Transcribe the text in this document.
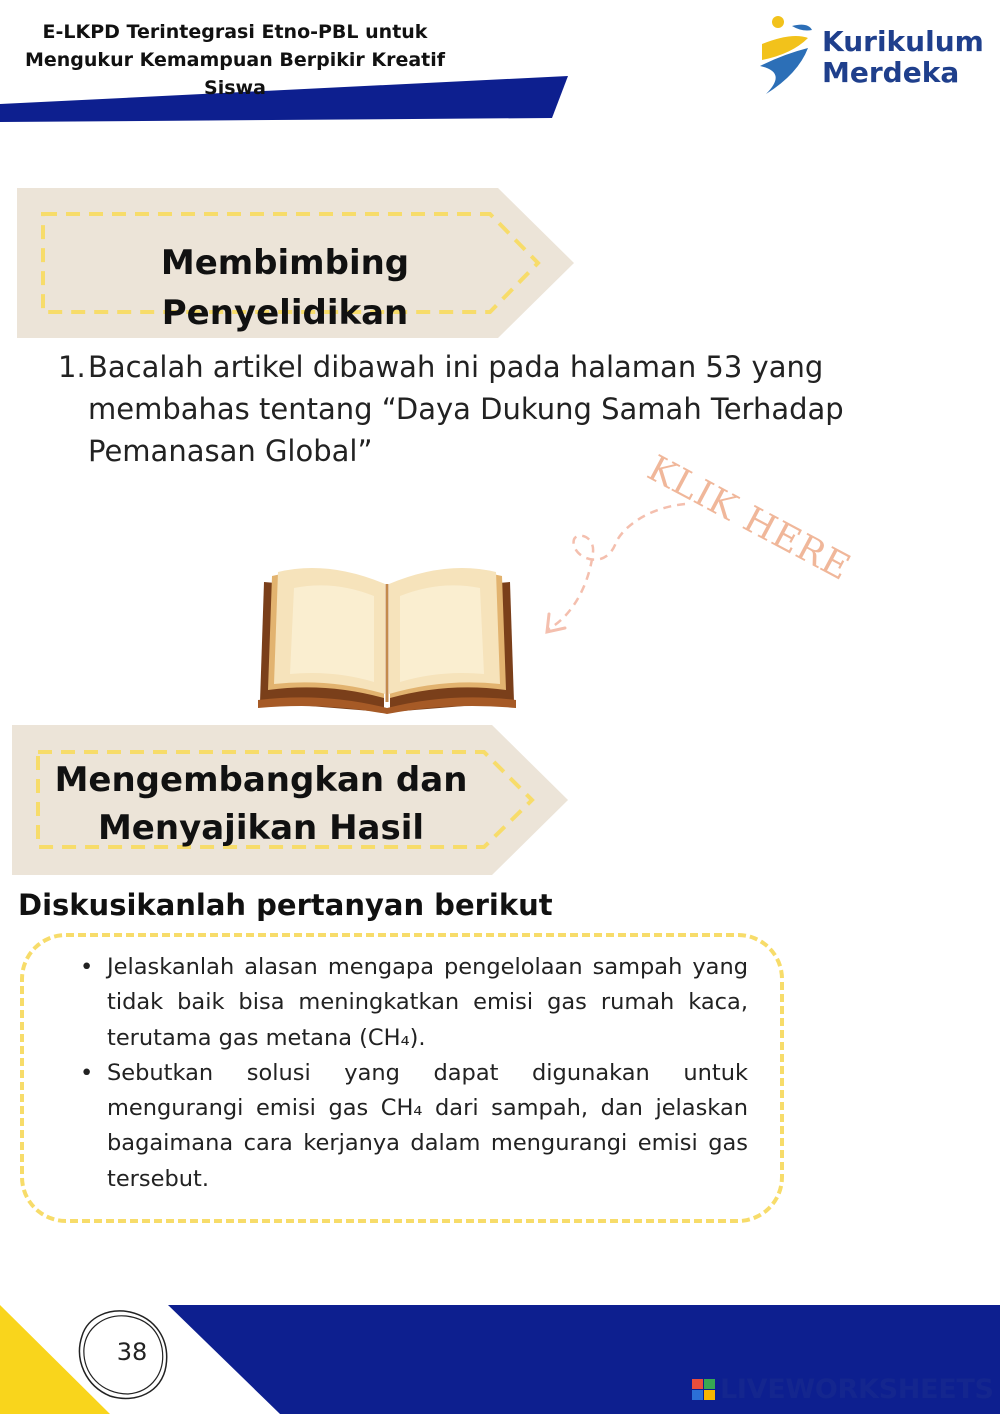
E-LKPD Terintegrasi Etno-PBL untuk
Mengukur Kemampuan Berpikir Kreatif Siswa
Kurikulum
Merdeka
Membimbing Penyelidikan
1. Bacalah artikel dibawah ini pada halaman 53 yang
membahas tentang “Daya Dukung Samah Terhadap
Pemanasan Global”	KLIK HERE
Mengembangkan dan
Menyajikan Hasil
Diskusikanlah pertanyan berikut
• Jelaskanlah alasan mengapa pengelolaan sampah yang tidak baik bisa meningkatkan emisi gas rumah kaca, terutama gas metana (CH₄).
• Sebutkan solusi yang dapat digunakan untuk mengurangi emisi gas CH₄ dari sampah, dan jelaskan bagaimana cara kerjanya dalam mengurangi emisi gas tersebut.
38
LIVEWORKSHEETS
